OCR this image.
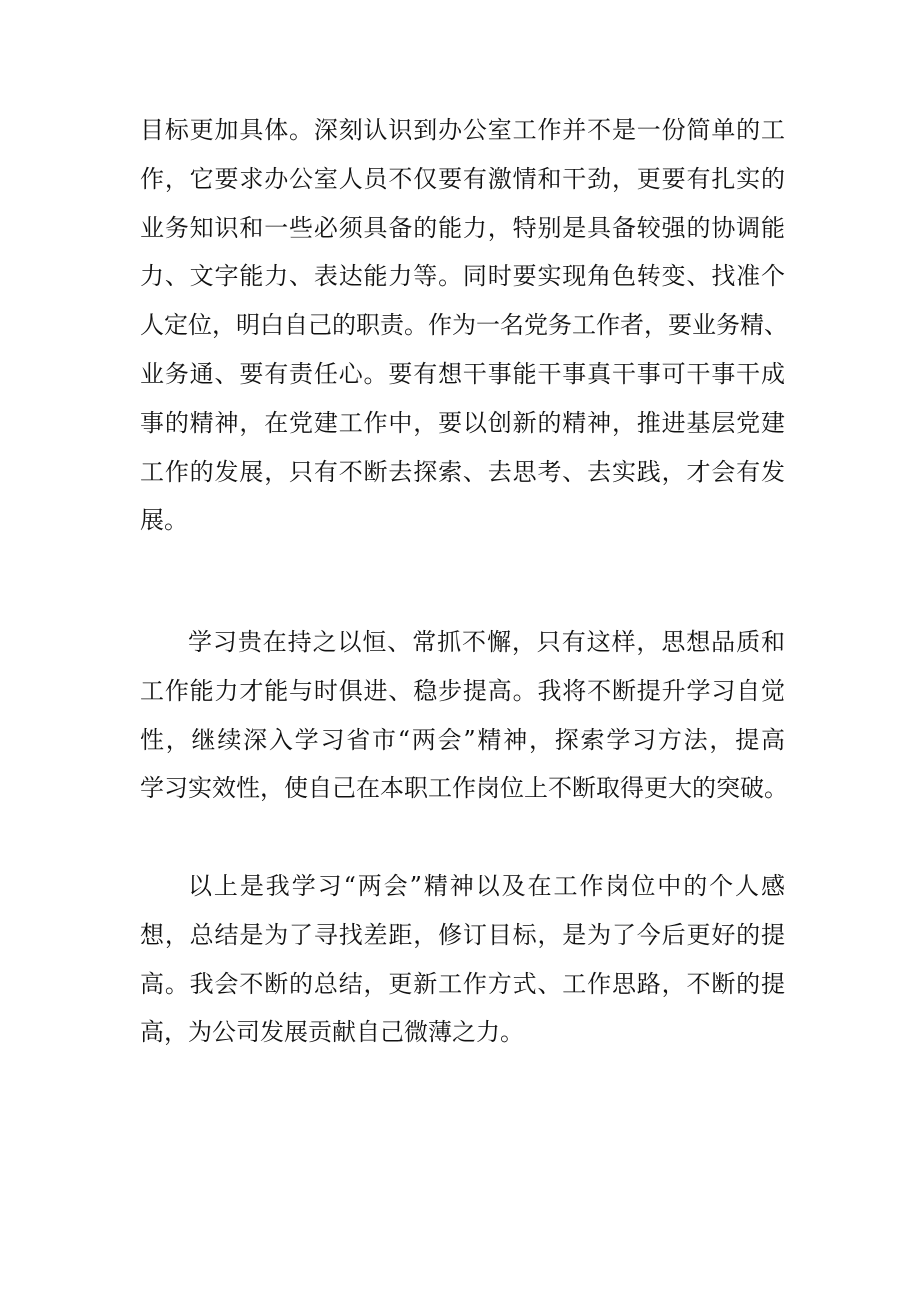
目标更加具体。深刻认识到办公室工作并不是一份简单的工
作，它要求办公室人员不仅要有激情和干劲，更要有扎实的
业务知识和一些必须具备的能力，特别是具备较强的协调能
力、文字能力、表达能力等。同时要实现角色转变、找准个
人定位，明白自己的职责。作为一名党务工作者，要业务精、
业务通、要有责任心。要有想干事能干事真干事可干事干成
事的精神，在党建工作中，要以创新的精神，推进基层党建
工作的发展，只有不断去探索、去思考、去实践，才会有发
展。
学习贵在持之以恒、常抓不懈，只有这样，思想品质和
工作能力才能与时俱进、稳步提高。我将不断提升学习自觉
性，继续深入学习省市“两会”精神，探索学习方法，提高
学习实效性，使自己在本职工作岗位上不断取得更大的突破。
以上是我学习“两会”精神以及在工作岗位中的个人感
想，总结是为了寻找差距，修订目标，是为了今后更好的提
高。我会不断的总结，更新工作方式、工作思路，不断的提
高，为公司发展贡献自己微薄之力。
